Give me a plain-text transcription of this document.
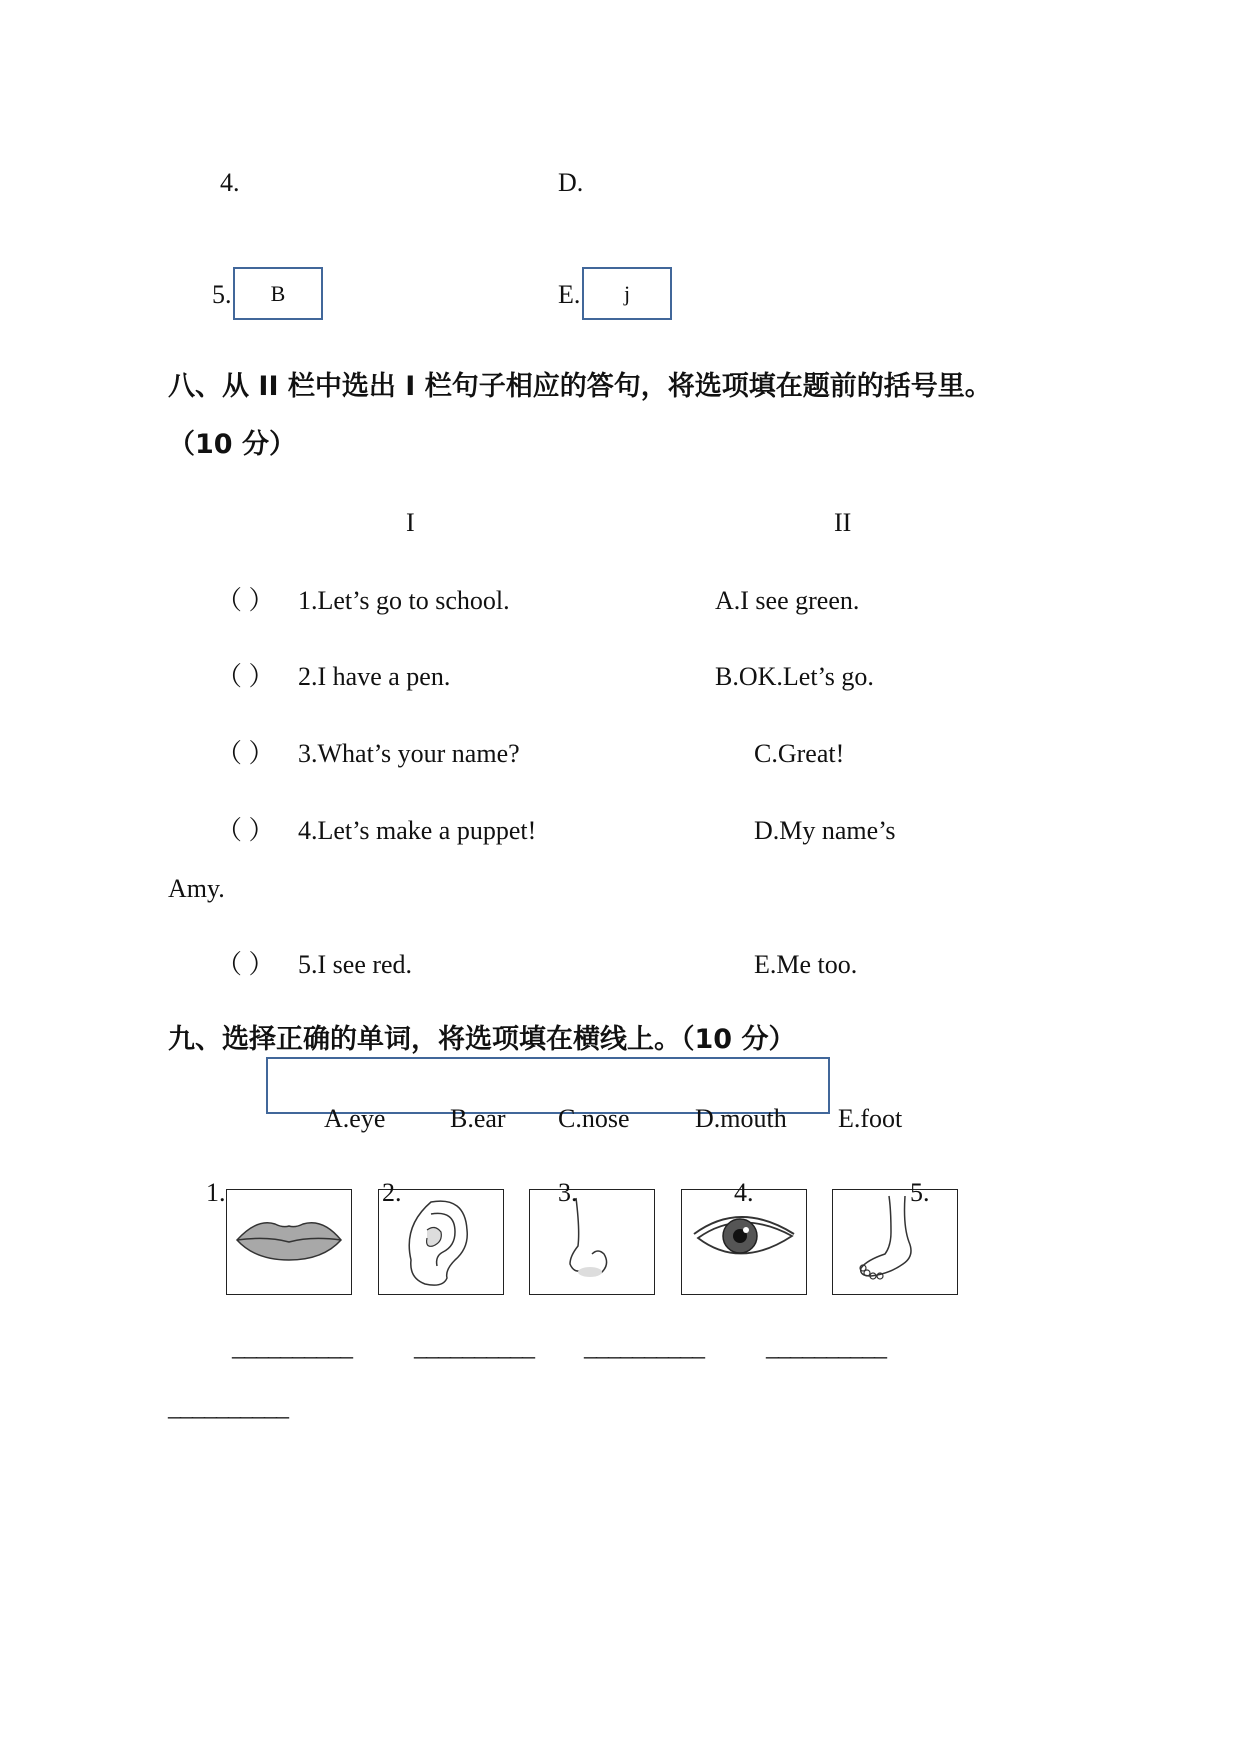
4.	D.
5.	B	E.	j
八、从 II 栏中选出 I 栏句子相应的答句，将选项填在题前的括号里。
（10 分）
I	II
（ ） 1.Let’s go to school.	A.I see green.
（ ） 2.I have a pen.	B.OK.Let’s go.
（ ） 3.What’s your name?	C.Great!
（ ） 4.Let’s make a puppet!	D.My name’s
Amy.
（ ） 5.I see red.	E.Me too.
九、选择正确的单词，将选项填在横线上。（10 分）
A.eye B.ear C.nose	D.mouth E.foot
1.	2.	3.	4.	5.
__________ __________ __________ __________
__________
